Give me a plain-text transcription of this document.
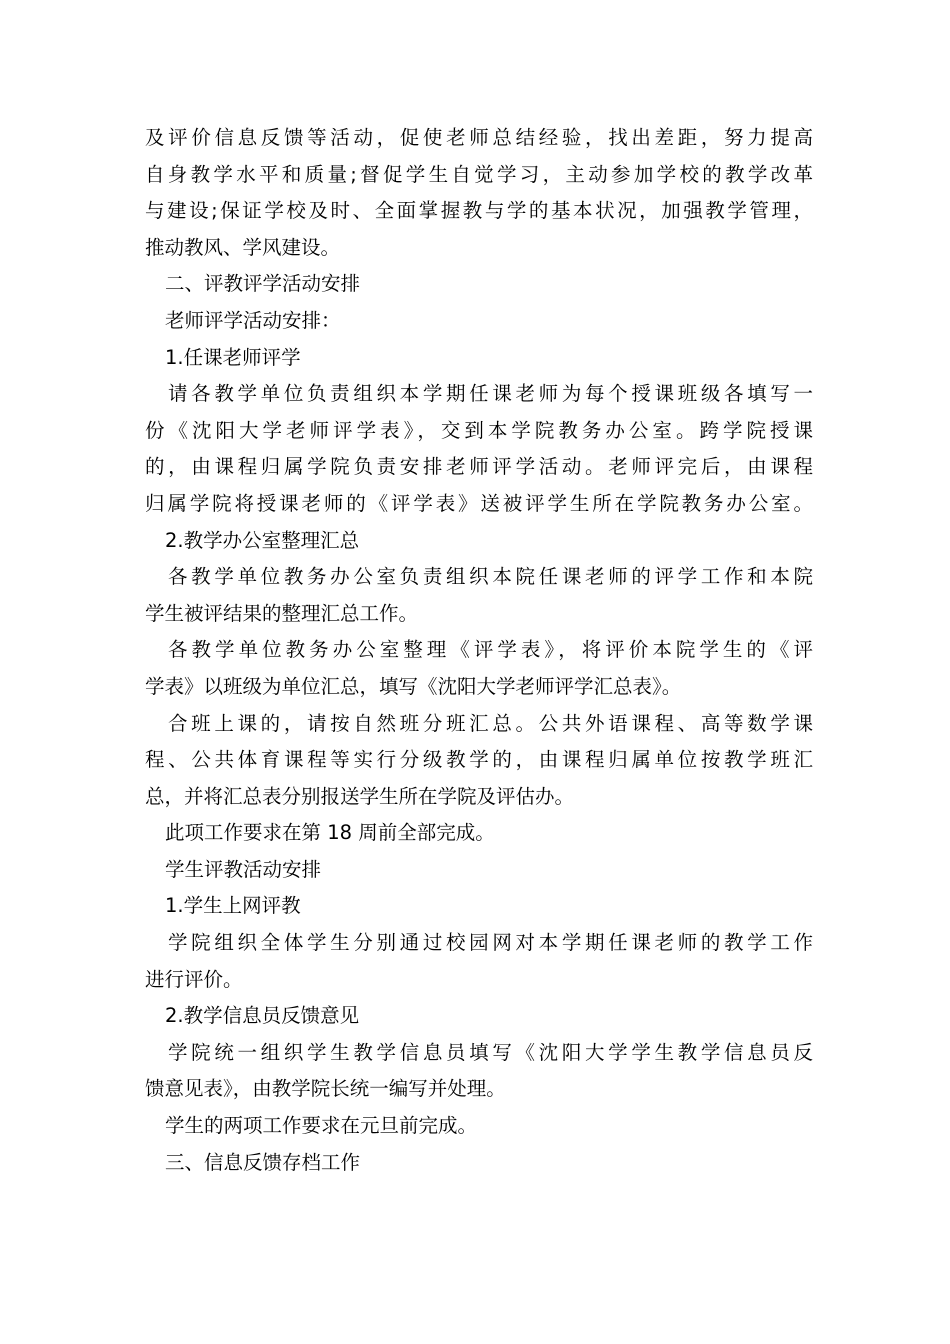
及评价信息反馈等活动，促使老师总结经验，找出差距，努力提高
自身教学水平和质量;督促学生自觉学习，主动参加学校的教学改革
与建设;保证学校及时、全面掌握教与学的基本状况，加强教学管理，
推动教风、学风建设。
二、评教评学活动安排
老师评学活动安排：
1.任课老师评学
请各教学单位负责组织本学期任课老师为每个授课班级各填写一
份《沈阳大学老师评学表》，交到本学院教务办公室。跨学院授课
的，由课程归属学院负责安排老师评学活动。老师评完后，由课程
归属学院将授课老师的《评学表》送被评学生所在学院教务办公室。
2.教学办公室整理汇总
各教学单位教务办公室负责组织本院任课老师的评学工作和本院
学生被评结果的整理汇总工作。
各教学单位教务办公室整理《评学表》，将评价本院学生的《评
学表》以班级为单位汇总，填写《沈阳大学老师评学汇总表》。
合班上课的，请按自然班分班汇总。公共外语课程、高等数学课
程、公共体育课程等实行分级教学的，由课程归属单位按教学班汇
总，并将汇总表分别报送学生所在学院及评估办。
此项工作要求在第 18 周前全部完成。
学生评教活动安排
1.学生上网评教
学院组织全体学生分别通过校园网对本学期任课老师的教学工作
进行评价。
2.教学信息员反馈意见
学院统一组织学生教学信息员填写《沈阳大学学生教学信息员反
馈意见表》，由教学院长统一编写并处理。
学生的两项工作要求在元旦前完成。
三、信息反馈存档工作
